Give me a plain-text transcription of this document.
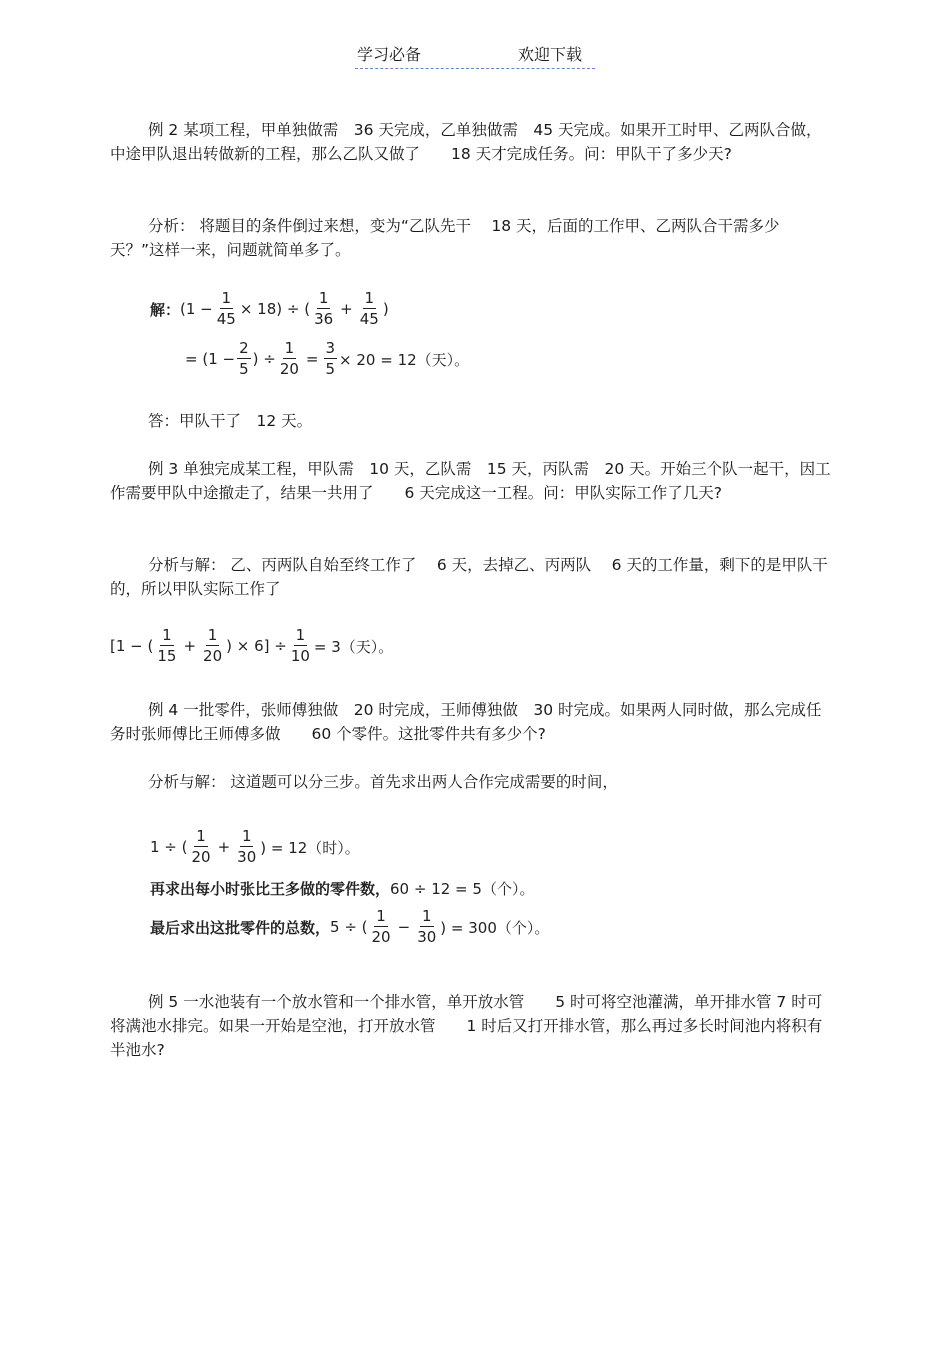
学习必备	欢迎下载

例 2 某项工程，甲单独做需　36 天完成，乙单独做需　45 天完成。如果开工时甲、乙两队合做，中途甲队退出转做新的工程，那么乙队又做了　　18 天才完成任务。问：甲队干了多少天?

分析： 将题目的条件倒过来想，变为“乙队先干　 18 天，后面的工作甲、乙两队合干需多少天？”这样一来，问题就简单多了。

解： $(1 - \frac{1}{45} \times 18)$ ÷ ( $\frac{1}{36} + \frac{1}{45}$ )
= ($1 - \frac{2}{5}$ ) ÷ $\frac{1}{20} = \frac{3}{5} \times 20 = 12$（天）。

答：甲队干了　12 天。

例 3 单独完成某工程，甲队需　10 天，乙队需　15 天，丙队需　20 天。开始三个队一起干，因工作需要甲队中途撤走了，结果一共用了　　6 天完成这一工程。问：甲队实际工作了几天?

分析与解： 乙、丙两队自始至终工作了　 6 天，去掉乙、丙两队　 6 天的工作量，剩下的是甲队干的，所以甲队实际工作了

[1 − ( $\frac{1}{15} + \frac{1}{20}$ ) × $6] \div \frac{1}{10} = 3$（天）。

例 4 一批零件，张师傅独做　20 时完成，王师傅独做　30 时完成。如果两人同时做，那么完成任务时张师傅比王师傅多做　　60 个零件。这批零件共有多少个?

分析与解： 这道题可以分三步。首先求出两人合作完成需要的时间，

1 ÷ ( $\frac{1}{20} + \frac{1}{30}$ ) = 12（时）。
再求出每小时张比王多做的零件数， 60 ÷ 12 = 5（个）。
最后求出这批零件的总数， 5 ÷ ( $\frac{1}{20} - \frac{1}{30}$ ) = 300（个）。

例 5 一水池装有一个放水管和一个排水管，单开放水管　　5 时可将空池灌满，单开排水管 7 时可将满池水排完。如果一开始是空池，打开放水管　　1 时后又打开排水管，那么再过多长时间池内将积有半池水?
